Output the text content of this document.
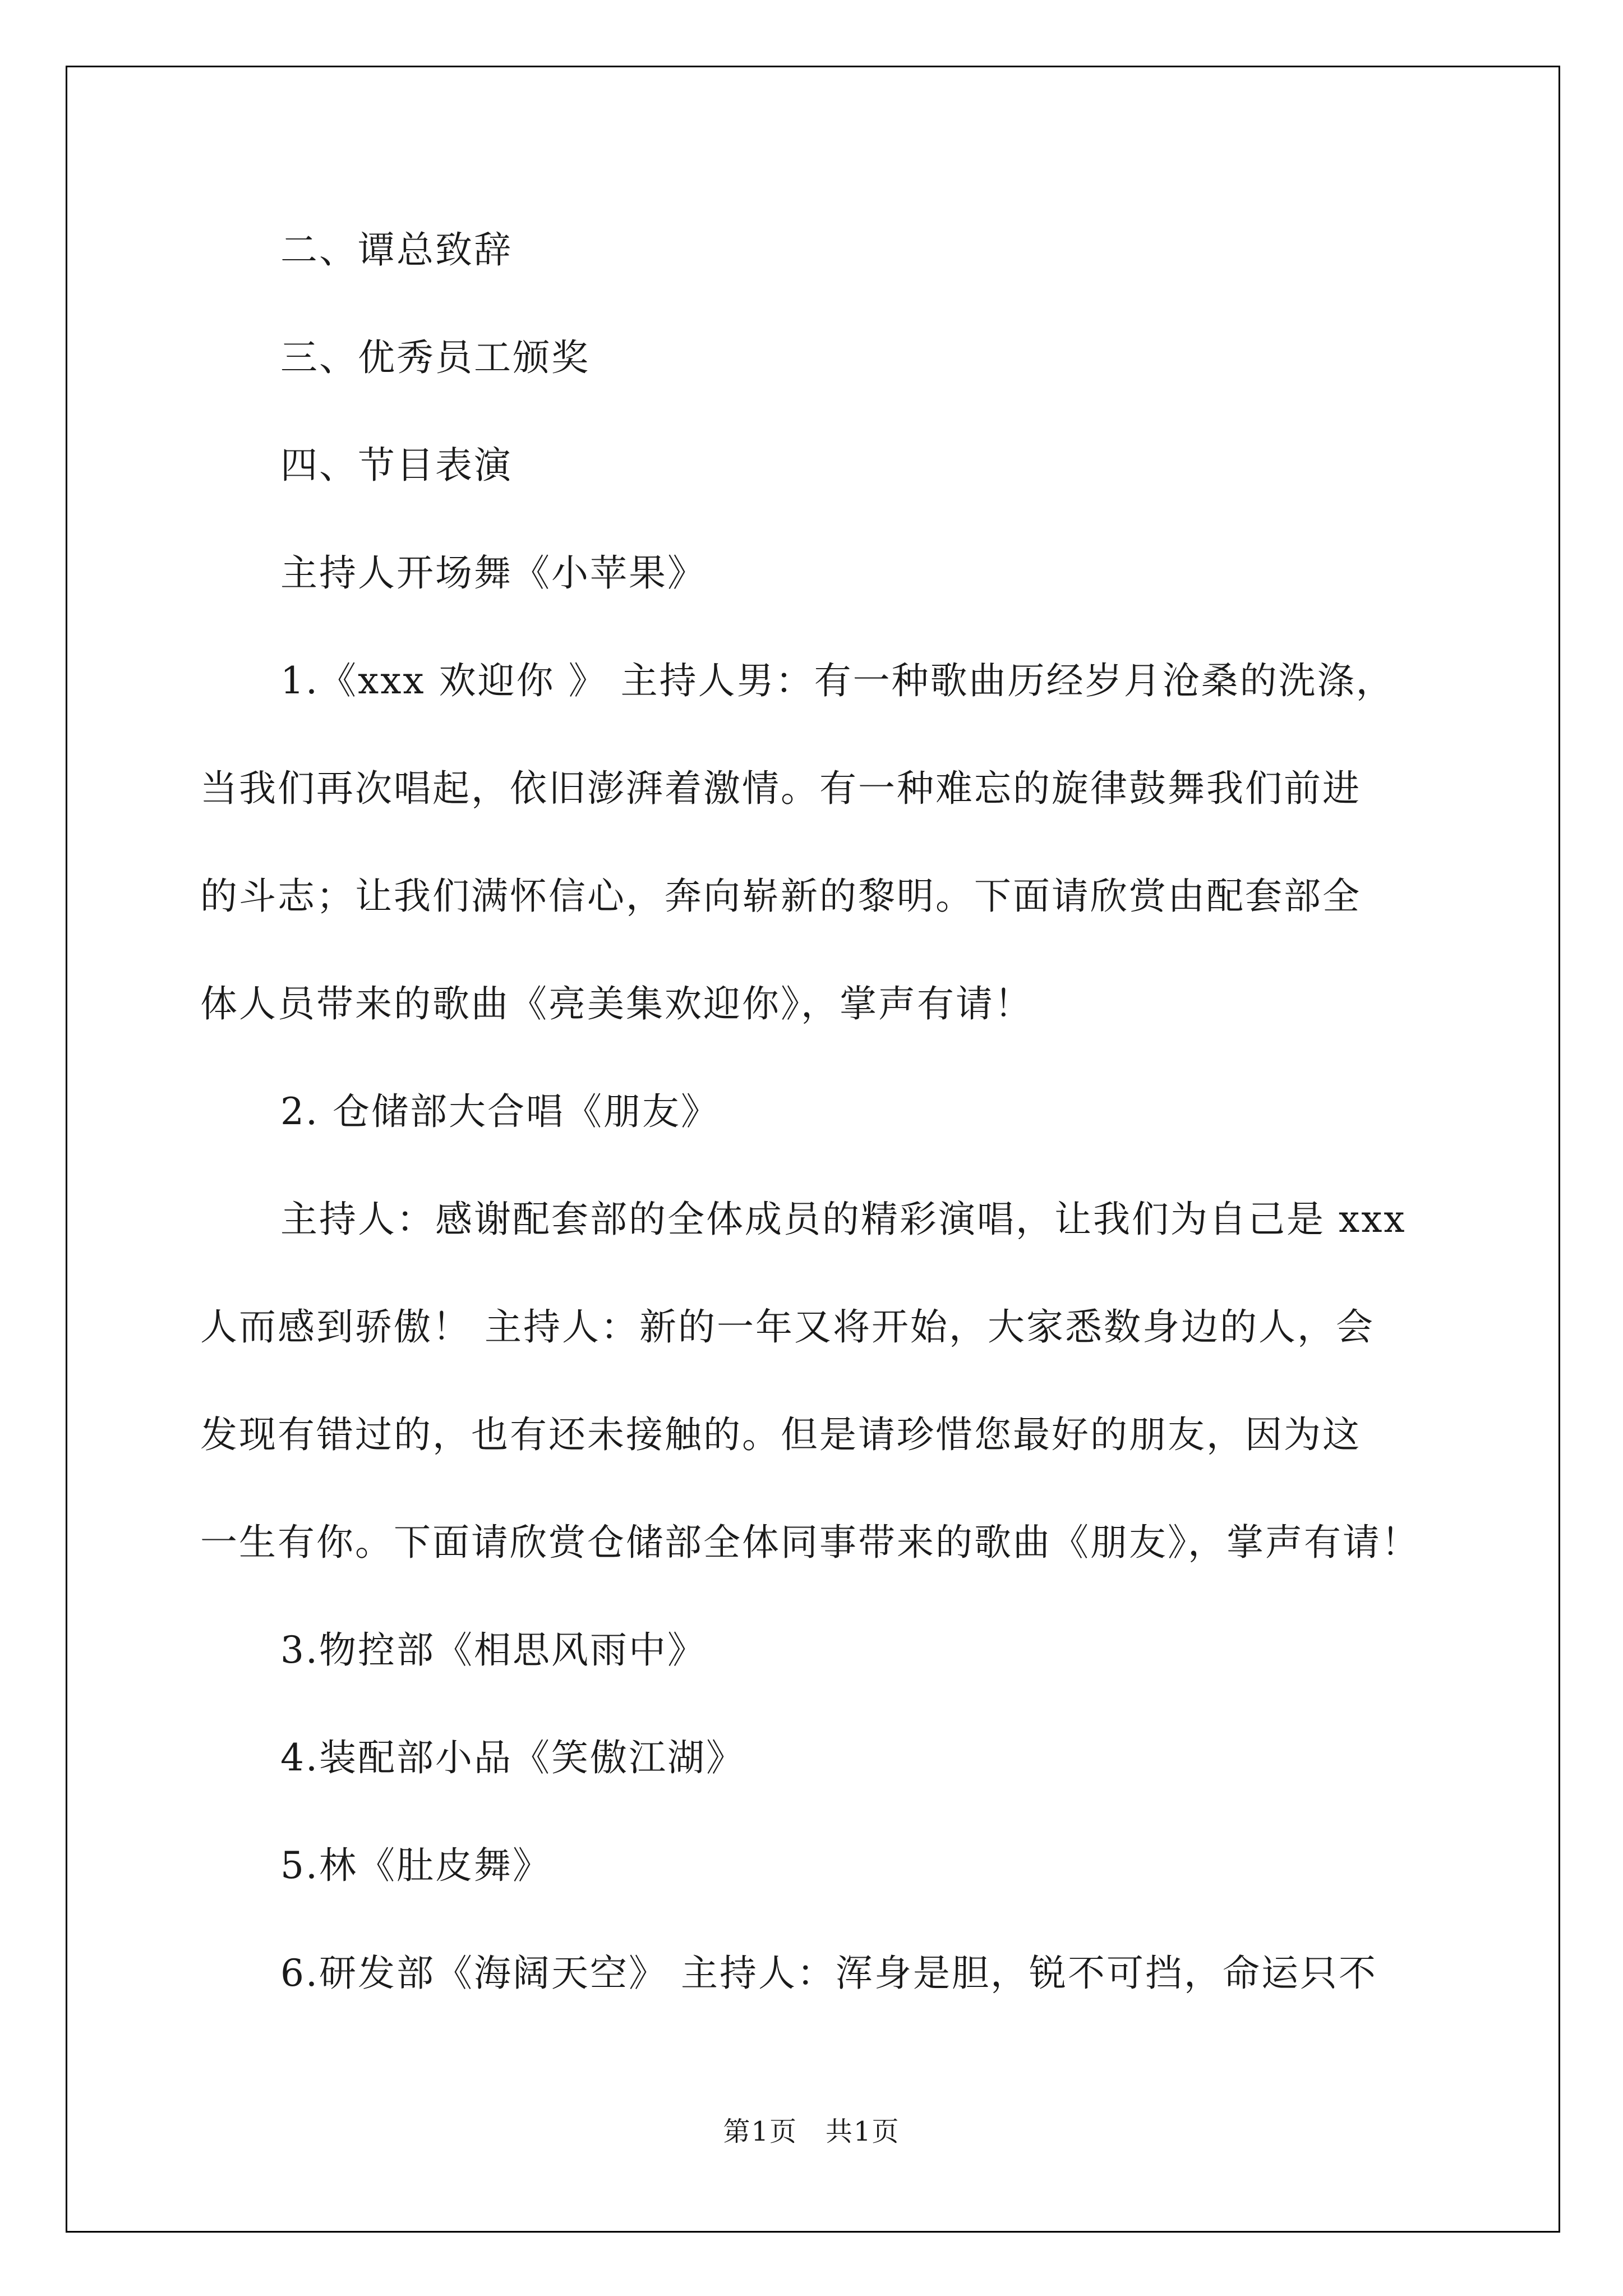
二、谭总致辞
三、优秀员工颁奖
四、节目表演
主持人开场舞《小苹果》
1.《xxx 欢迎你 》 主持人男：有一种歌曲历经岁月沧桑的洗涤，
当我们再次唱起，依旧澎湃着激情。有一种难忘的旋律鼓舞我们前进
的斗志；让我们满怀信心，奔向崭新的黎明。下面请欣赏由配套部全
体人员带来的歌曲《亮美集欢迎你》，掌声有请！
2. 仓储部大合唱《朋友》
主持人：感谢配套部的全体成员的精彩演唱，让我们为自己是 xxx
人而感到骄傲！ 主持人：新的一年又将开始，大家悉数身边的人，会
发现有错过的，也有还未接触的。但是请珍惜您最好的朋友，因为这
一生有你。下面请欣赏仓储部全体同事带来的歌曲《朋友》，掌声有请！
3.物控部《相思风雨中》
4.装配部小品《笑傲江湖》
5.林《肚皮舞》
6.研发部《海阔天空》 主持人：浑身是胆，锐不可挡，命运只不
第1页 共1页
